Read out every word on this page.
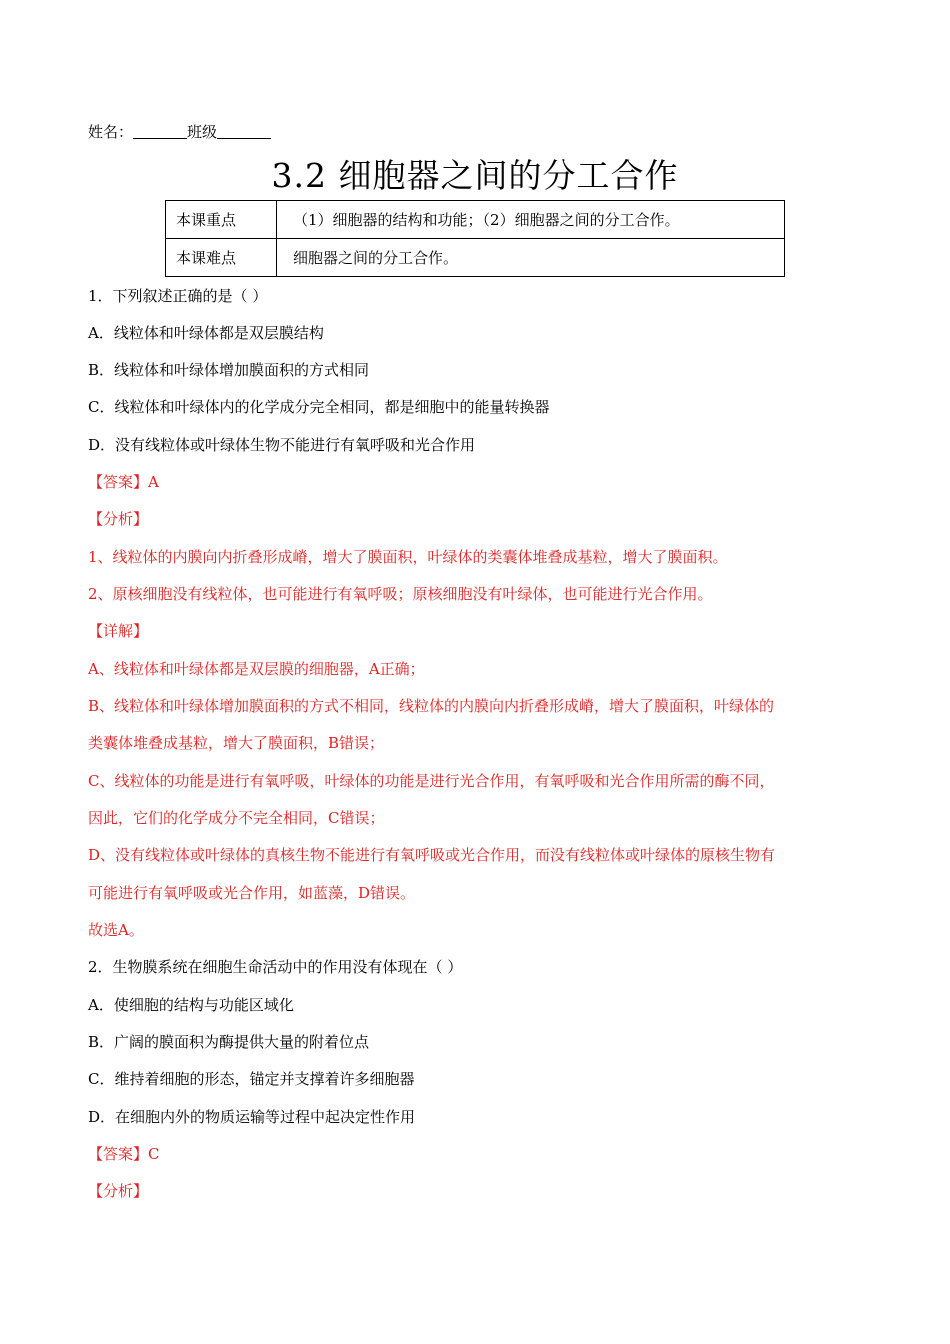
姓名：	班级
3.2 细胞器之间的分工合作
本课重点	（1）细胞器的结构和功能；（2）细胞器之间的分工合作。
本课难点	细胞器之间的分工合作。
1．下列叙述正确的是（ ）
A．线粒体和叶绿体都是双层膜结构
B．线粒体和叶绿体增加膜面积的方式相同
C．线粒体和叶绿体内的化学成分完全相同，都是细胞中的能量转换器
D．没有线粒体或叶绿体生物不能进行有氧呼吸和光合作用
【答案】A
【分析】
1、线粒体的内膜向内折叠形成嵴，增大了膜面积，叶绿体的类囊体堆叠成基粒，增大了膜面积。
2、原核细胞没有线粒体，也可能进行有氧呼吸；原核细胞没有叶绿体，也可能进行光合作用。
【详解】
A、线粒体和叶绿体都是双层膜的细胞器，A正确；
B、线粒体和叶绿体增加膜面积的方式不相同，线粒体的内膜向内折叠形成嵴，增大了膜面积，叶绿体的
类囊体堆叠成基粒，增大了膜面积，B错误；
C、线粒体的功能是进行有氧呼吸，叶绿体的功能是进行光合作用，有氧呼吸和光合作用所需的酶不同，
因此，它们的化学成分不完全相同，C错误；
D、没有线粒体或叶绿体的真核生物不能进行有氧呼吸或光合作用，而没有线粒体或叶绿体的原核生物有
可能进行有氧呼吸或光合作用，如蓝藻，D错误。
故选A。
2．生物膜系统在细胞生命活动中的作用没有体现在（ ）
A．使细胞的结构与功能区域化
B．广阔的膜面积为酶提供大量的附着位点
C．维持着细胞的形态，锚定并支撑着许多细胞器
D．在细胞内外的物质运输等过程中起决定性作用
【答案】C
【分析】
